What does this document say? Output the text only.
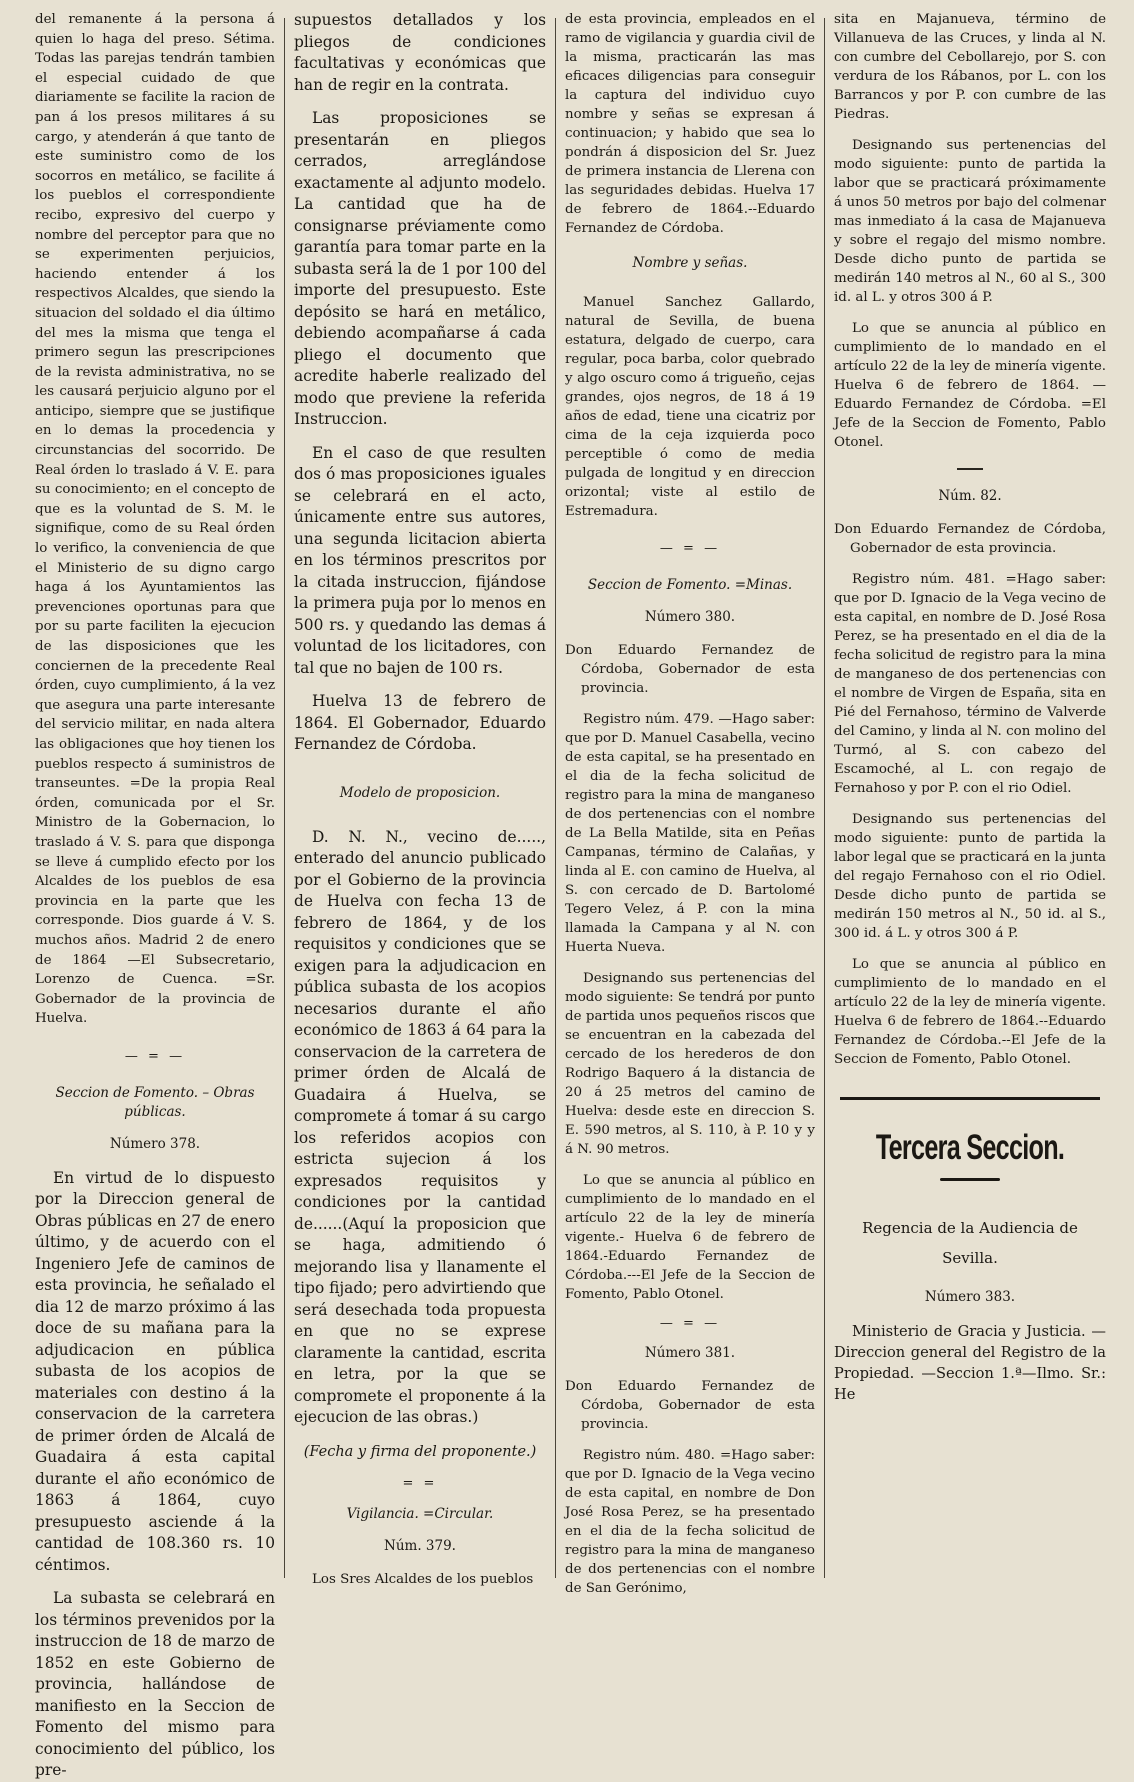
del remanente á la persona á quien lo haga del preso. Sétima. Todas las parejas tendrán tambien el especial cuidado de que diariamente se facilite la racion de pan á los presos militares á su cargo, y atenderán á que tanto de este suministro como de los socorros en metálico, se facilite á los pueblos el correspondiente recibo, expresivo del cuerpo y nombre del perceptor para que no se experimenten perjuicios, haciendo entender á los respectivos Alcaldes, que siendo la situacion del soldado el dia último del mes la misma que tenga el primero segun las prescripciones de la revista administrativa, no se les causará perjuicio alguno por el anticipo, siempre que se justifique en lo demas la procedencia y circunstancias del socorrido. De Real órden lo traslado á V. E. para su conocimiento; en el concepto de que es la voluntad de S. M. le signifique, como de su Real órden lo verifico, la conveniencia de que el Ministerio de su digno cargo haga á los Ayuntamientos las prevenciones oportunas para que por su parte faciliten la ejecucion de las disposiciones que les conciernen de la precedente Real órden, cuyo cumplimiento, á la vez que asegura una parte interesante del servicio militar, en nada altera las obligaciones que hoy tienen los pueblos respecto á suministros de transeuntes. =De la propia Real órden, comunicada por el Sr. Ministro de la Gobernacion, lo traslado á V. S. para que disponga se lleve á cumplido efecto por los Alcaldes de los pueblos de esa provincia en la parte que les corresponde. Dios guarde á V. S. muchos años. Madrid 2 de enero de 1864 —El Subsecretario, Lorenzo de Cuenca. =Sr. Gobernador de la provincia de Huelva.

— = —
Seccion de Fomento. – Obras públicas.
Número 378.

En virtud de lo dispuesto por la Direccion general de Obras públicas en 27 de enero último, y de acuerdo con el Ingeniero Jefe de caminos de esta provincia, he señalado el dia 12 de marzo próximo á las doce de su mañana para la adjudicacion en pública subasta de los acopios de materiales con destino á la conservacion de la carretera de primer órden de Alcalá de Guadaira á esta capital durante el año económico de 1863 á 1864, cuyo presupuesto asciende á la cantidad de 108.360 rs. 10 céntimos.

La subasta se celebrará en los términos prevenidos por la instruccion de 18 de marzo de 1852 en este Gobierno de provincia, hallándose de manifiesto en la Seccion de Fomento del mismo para conocimiento del público, los pre-

supuestos detallados y los pliegos de condiciones facultativas y económicas que han de regir en la contrata.

Las proposiciones se presentarán en pliegos cerrados, arreglándose exactamente al adjunto modelo. La cantidad que ha de consignarse préviamente como garantía para tomar parte en la subasta será la de 1 por 100 del importe del presupuesto. Este depósito se hará en metálico, debiendo acompañarse á cada pliego el documento que acredite haberle realizado del modo que previene la referida Instruccion.

En el caso de que resulten dos ó mas proposiciones iguales se celebrará en el acto, únicamente entre sus autores, una segunda licitacion abierta en los términos prescritos por la citada instruccion, fijándose la primera puja por lo menos en 500 rs. y quedando las demas á voluntad de los licitadores, con tal que no bajen de 100 rs.

Huelva 13 de febrero de 1864. El Gobernador, Eduardo Fernandez de Córdoba.

Modelo de proposicion.

D. N. N., vecino de....., enterado del anuncio publicado por el Gobierno de la provincia de Huelva con fecha 13 de febrero de 1864, y de los requisitos y condiciones que se exigen para la adjudicacion en pública subasta de los acopios necesarios durante el año económico de 1863 á 64 para la conservacion de la carretera de primer órden de Alcalá de Guadaira á Huelva, se compromete á tomar á su cargo los referidos acopios con estricta sujecion á los expresados requisitos y condiciones por la cantidad de......(Aquí la proposicion que se haga, admitiendo ó mejorando lisa y llanamente el tipo fijado; pero advirtiendo que será desechada toda propuesta en que no se exprese claramente la cantidad, escrita en letra, por la que se compromete el proponente á la ejecucion de las obras.)

(Fecha y firma del proponente.)
= =
Vigilancia. =Circular.
Núm. 379.

Los Sres Alcaldes de los pueblos

de esta provincia, empleados en el ramo de vigilancia y guardia civil de la misma, practicarán las mas eficaces diligencias para conseguir la captura del individuo cuyo nombre y señas se expresan á continuacion; y habido que sea lo pondrán á disposicion del Sr. Juez de primera instancia de Llerena con las seguridades debidas. Huelva 17 de febrero de 1864.--Eduardo Fernandez de Córdoba.

Nombre y señas.

Manuel Sanchez Gallardo, natural de Sevilla, de buena estatura, delgado de cuerpo, cara regular, poca barba, color quebrado y algo oscuro como á trigueño, cejas grandes, ojos negros, de 18 á 19 años de edad, tiene una cicatriz por cima de la ceja izquierda poco perceptible ó como de media pulgada de longitud y en direccion orizontal; viste al estilo de Estremadura.

— = —
Seccion de Fomento. =Minas.
Número 380.

Don Eduardo Fernandez de Córdoba, Gobernador de esta provincia.

Registro núm. 479. —Hago saber: que por D. Manuel Casabella, vecino de esta capital, se ha presentado en el dia de la fecha solicitud de registro para la mina de manganeso de dos pertenencias con el nombre de La Bella Matilde, sita en Peñas Campanas, término de Calañas, y linda al E. con camino de Huelva, al S. con cercado de D. Bartolomé Tegero Velez, á P. con la mina llamada la Campana y al N. con Huerta Nueva.

Designando sus pertenencias del modo siguiente: Se tendrá por punto de partida unos pequeños riscos que se encuentran en la cabezada del cercado de los herederos de don Rodrigo Baquero á la distancia de 20 á 25 metros del camino de Huelva: desde este en direccion S. E. 590 metros, al S. 110, à P. 10 y y á N. 90 metros.

Lo que se anuncia al público en cumplimiento de lo mandado en el artículo 22 de la ley de minería vigente.- Huelva 6 de febrero de 1864.-Eduardo Fernandez de Córdoba.---El Jefe de la Seccion de Fomento, Pablo Otonel.

— = —
Número 381.

Don Eduardo Fernandez de Córdoba, Gobernador de esta provincia.

Registro núm. 480. =Hago saber: que por D. Ignacio de la Vega vecino de esta capital, en nombre de Don José Rosa Perez, se ha presentado en el dia de la fecha solicitud de registro para la mina de manganeso de dos pertenencias con el nombre de San Gerónimo,

sita en Majanueva, término de Villanueva de las Cruces, y linda al N. con cumbre del Cebollarejo, por S. con verdura de los Rábanos, por L. con los Barrancos y por P. con cumbre de las Piedras.

Designando sus pertenencias del modo siguiente: punto de partida la labor que se practicará próximamente á unos 50 metros por bajo del colmenar mas inmediato á la casa de Majanueva y sobre el regajo del mismo nombre. Desde dicho punto de partida se medirán 140 metros al N., 60 al S., 300 id. al L. y otros 300 á P.

Lo que se anuncia al público en cumplimiento de lo mandado en el artículo 22 de la ley de minería vigente. Huelva 6 de febrero de 1864. —Eduardo Fernandez de Córdoba. =El Jefe de la Seccion de Fomento, Pablo Otonel.

Núm. 82.

Don Eduardo Fernandez de Córdoba, Gobernador de esta provincia.

Registro núm. 481. =Hago saber: que por D. Ignacio de la Vega vecino de esta capital, en nombre de D. José Rosa Perez, se ha presentado en el dia de la fecha solicitud de registro para la mina de manganeso de dos pertenencias con el nombre de Virgen de España, sita en Pié del Fernahoso, término de Valverde del Camino, y linda al N. con molino del Turmó, al S. con cabezo del Escamoché, al L. con regajo de Fernahoso y por P. con el rio Odiel.

Designando sus pertenencias del modo siguiente: punto de partida la labor legal que se practicará en la junta del regajo Fernahoso con el rio Odiel. Desde dicho punto de partida se medirán 150 metros al N., 50 id. al S., 300 id. á L. y otros 300 á P.

Lo que se anuncia al público en cumplimiento de lo mandado en el artículo 22 de la ley de minería vigente. Huelva 6 de febrero de 1864.--Eduardo Fernandez de Córdoba.--El Jefe de la Seccion de Fomento, Pablo Otonel.

Tercera Seccion.
Regencia de la Audiencia de Sevilla.
Número 383.

Ministerio de Gracia y Justicia. —Direccion general del Registro de la Propiedad. —Seccion 1.ª—Ilmo. Sr.: He
